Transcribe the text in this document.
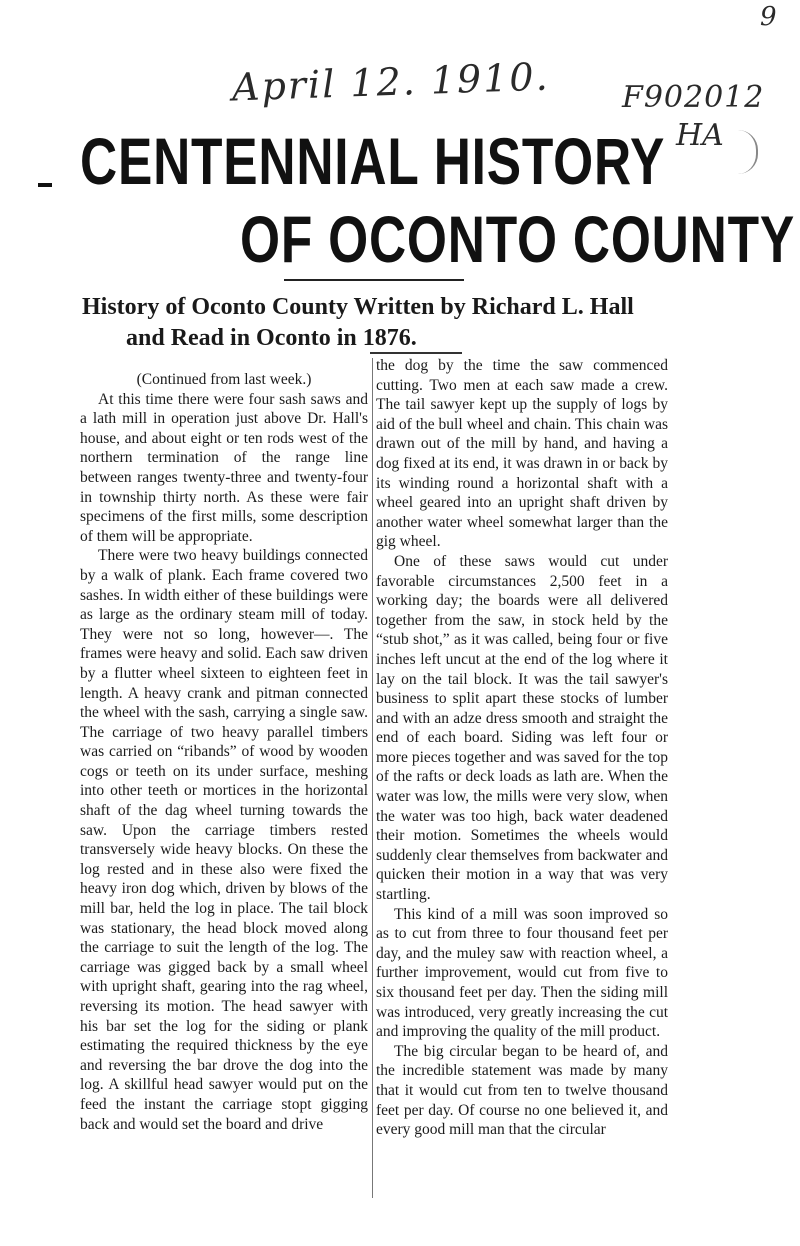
9
April 12. 1910. F902012
HA
CENTENNIAL HISTORY
OF OCONTO COUNTY
History of Oconto County Written by Richard L. Hall
and Read in Oconto in 1876.

(Continued from last week.)

At this time there were four sash saws and a lath mill in operation just above Dr. Hall's house, and about eight or ten rods west of the northern termination of the range line between ranges twenty-three and twenty-four in township thirty north. As these were fair specimens of the first mills, some description of them will be appropriate.

There were two heavy buildings connected by a walk of plank. Each frame covered two sashes. In width either of these buildings were as large as the ordinary steam mill of today. They were not so long, however—. The frames were heavy and solid. Each saw driven by a flutter wheel sixteen to eighteen feet in length. A heavy crank and pitman connected the wheel with the sash, carrying a single saw. The carriage of two heavy parallel timbers was carried on “ribands” of wood by wooden cogs or teeth on its under surface, meshing into other teeth or mortices in the horizontal shaft of the dag wheel turning towards the saw. Upon the carriage timbers rested transversely wide heavy blocks. On these the log rested and in these also were fixed the heavy iron dog which, driven by blows of the mill bar, held the log in place. The tail block was stationary, the head block moved along the carriage to suit the length of the log. The carriage was gigged back by a small wheel with upright shaft, gearing into the rag wheel, reversing its motion. The head sawyer with his bar set the log for the siding or plank estimating the required thickness by the eye and reversing the bar drove the dog into the log. A skillful head sawyer would put on the feed the instant the carriage stopt gigging back and would set the board and drive

the dog by the time the saw commenced cutting. Two men at each saw made a crew. The tail sawyer kept up the supply of logs by aid of the bull wheel and chain. This chain was drawn out of the mill by hand, and having a dog fixed at its end, it was drawn in or back by its winding round a horizontal shaft with a wheel geared into an upright shaft driven by another water wheel somewhat larger than the gig wheel.

One of these saws would cut under favorable circumstances 2,500 feet in a working day; the boards were all delivered together from the saw, in stock held by the “stub shot,” as it was called, being four or five inches left uncut at the end of the log where it lay on the tail block. It was the tail sawyer's business to split apart these stocks of lumber and with an adze dress smooth and straight the end of each board. Siding was left four or more pieces together and was saved for the top of the rafts or deck loads as lath are. When the water was low, the mills were very slow, when the water was too high, back water deadened their motion. Sometimes the wheels would suddenly clear themselves from backwater and quicken their motion in a way that was very startling.

This kind of a mill was soon improved so as to cut from three to four thousand feet per day, and the muley saw with reaction wheel, a further improvement, would cut from five to six thousand feet per day. Then the siding mill was introduced, very greatly increasing the cut and improving the quality of the mill product.

The big circular began to be heard of, and the incredible statement was made by many that it would cut from ten to twelve thousand feet per day. Of course no one believed it, and every good mill man that the circular
